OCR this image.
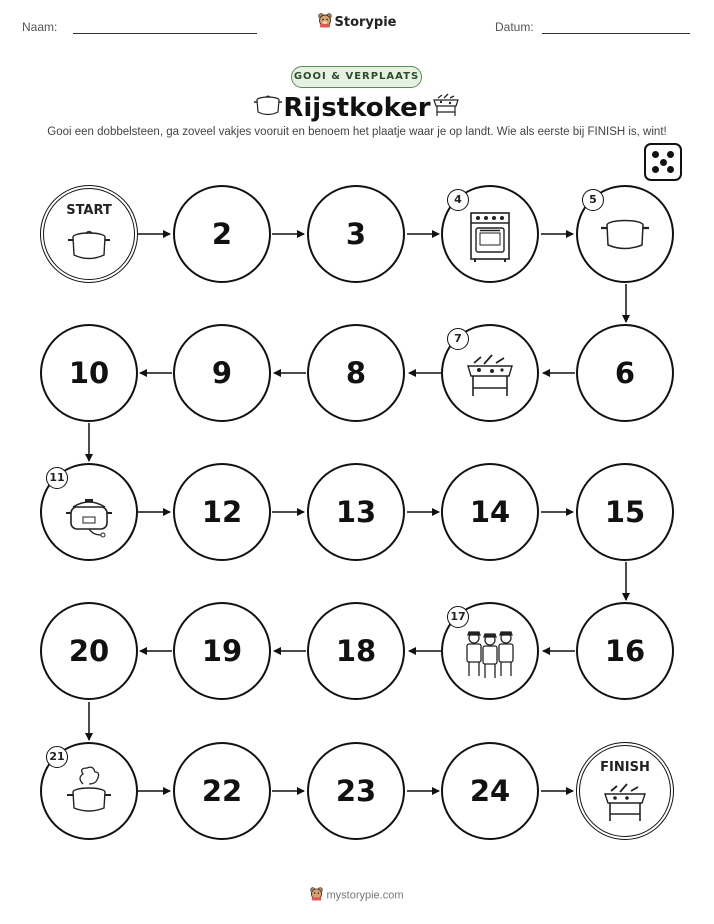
Naam:	Storypie	Datum:
GOOI & VERPLAATS
Rijstkoker
Gooi een dobbelsteen, ga zoveel vakjes vooruit en benoem het plaatje waar je op landt. Wie als eerste bij FINISH is, wint!
START
2	3
4	5
10	9	8
7
6
11
12	13	14	15
20	19	18
17
16
21
22	23	24
FINISH
mystorypie.com
